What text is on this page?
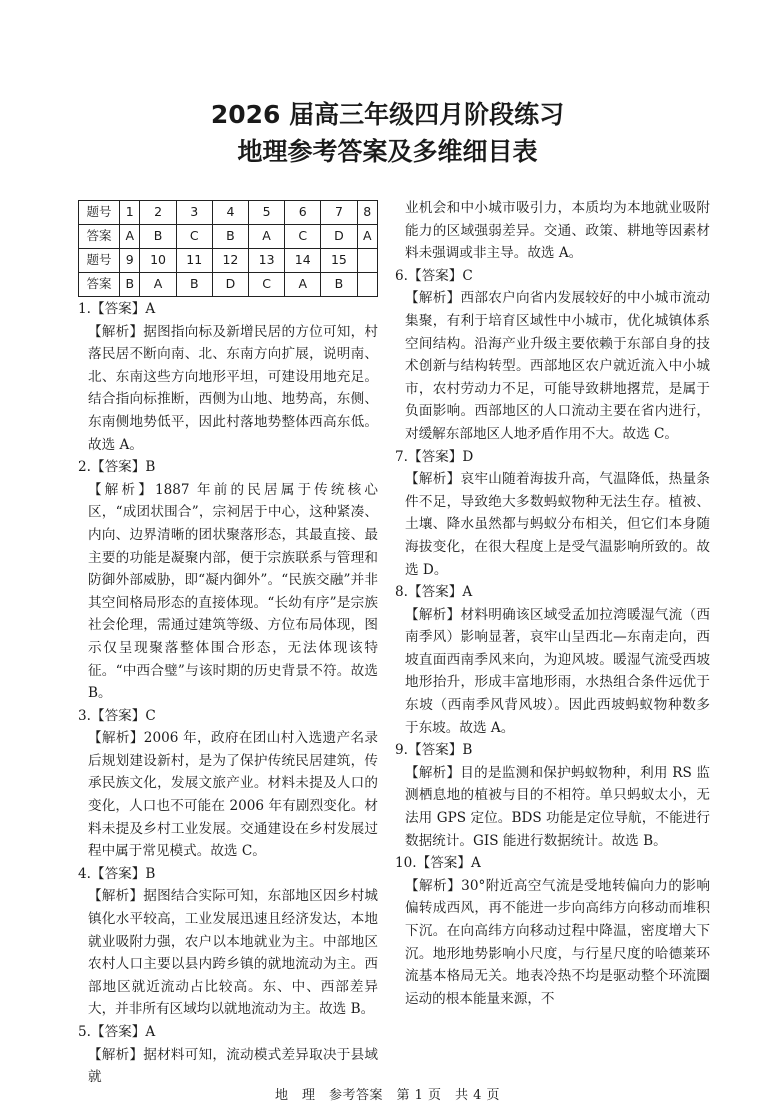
2026 届高三年级四月阶段练习
地理参考答案及多维细目表
题号	1	2	3	4	5	6	7	8
答案	A	B	C	B	A	C	D	A
题号	9	10	11	12	13	14	15	
答案	B	A	B	D	C	A	B	
1.【答案】A

【解析】据图指向标及新增民居的方位可知，村落民居不断向南、北、东南方向扩展，说明南、北、东南这些方向地形平坦，可建设用地充足。结合指向标推断，西侧为山地、地势高，东侧、东南侧地势低平，因此村落地势整体西高东低。故选 A。

2.【答案】B

【解析】1887 年前的民居属于传统核心区，“成团状围合”，宗祠居于中心，这种紧凑、内向、边界清晰的团状聚落形态，其最直接、最主要的功能是凝聚内部，便于宗族联系与管理和防御外部威胁，即“凝内御外”。“民族交融”并非其空间格局形态的直接体现。“长幼有序”是宗族社会伦理，需通过建筑等级、方位布局体现，图示仅呈现聚落整体围合形态，无法体现该特征。“中西合璧”与该时期的历史背景不符。故选 B。

3.【答案】C

【解析】2006 年，政府在团山村入选遗产名录后规划建设新村，是为了保护传统民居建筑，传承民族文化，发展文旅产业。材料未提及人口的变化，人口也不可能在 2006 年有剧烈变化。材料未提及乡村工业发展。交通建设在乡村发展过程中属于常见模式。故选 C。

4.【答案】B

【解析】据图结合实际可知，东部地区因乡村城镇化水平较高，工业发展迅速且经济发达，本地就业吸附力强，农户以本地就业为主。中部地区农村人口主要以县内跨乡镇的就地流动为主。西部地区就近流动占比较高。东、中、西部差异大，并非所有区域均以就地流动为主。故选 B。

5.【答案】A

【解析】据材料可知，流动模式差异取决于县域就

业机会和中小城市吸引力，本质均为本地就业吸附能力的区域强弱差异。交通、政策、耕地等因素材料未强调或非主导。故选 A。

6.【答案】C

【解析】西部农户向省内发展较好的中小城市流动集聚，有利于培育区域性中小城市，优化城镇体系空间结构。沿海产业升级主要依赖于东部自身的技术创新与结构转型。西部地区农户就近流入中小城市，农村劳动力不足，可能导致耕地撂荒，是属于负面影响。西部地区的人口流动主要在省内进行，对缓解东部地区人地矛盾作用不大。故选 C。

7.【答案】D

【解析】哀牢山随着海拔升高，气温降低，热量条件不足，导致绝大多数蚂蚁物种无法生存。植被、土壤、降水虽然都与蚂蚁分布相关，但它们本身随海拔变化，在很大程度上是受气温影响所致的。故选 D。

8.【答案】A

【解析】材料明确该区域受孟加拉湾暖湿气流（西南季风）影响显著，哀牢山呈西北—东南走向，西坡直面西南季风来向，为迎风坡。暖湿气流受西坡地形抬升，形成丰富地形雨，水热组合条件远优于东坡（西南季风背风坡）。因此西坡蚂蚁物种数多于东坡。故选 A。

9.【答案】B

【解析】目的是监测和保护蚂蚁物种，利用 RS 监测栖息地的植被与目的不相符。单只蚂蚁太小，无法用 GPS 定位。BDS 功能是定位导航，不能进行数据统计。GIS 能进行数据统计。故选 B。

10.【答案】A

【解析】30°附近高空气流是受地转偏向力的影响偏转成西风，再不能进一步向高纬方向移动而堆积下沉。在向高纬方向移动过程中降温，密度增大下沉。地形地势影响小尺度，与行星尺度的哈德莱环流基本格局无关。地表冷热不均是驱动整个环流圈运动的根本能量来源，不

地　理　参考答案　第 1 页　共 4 页
